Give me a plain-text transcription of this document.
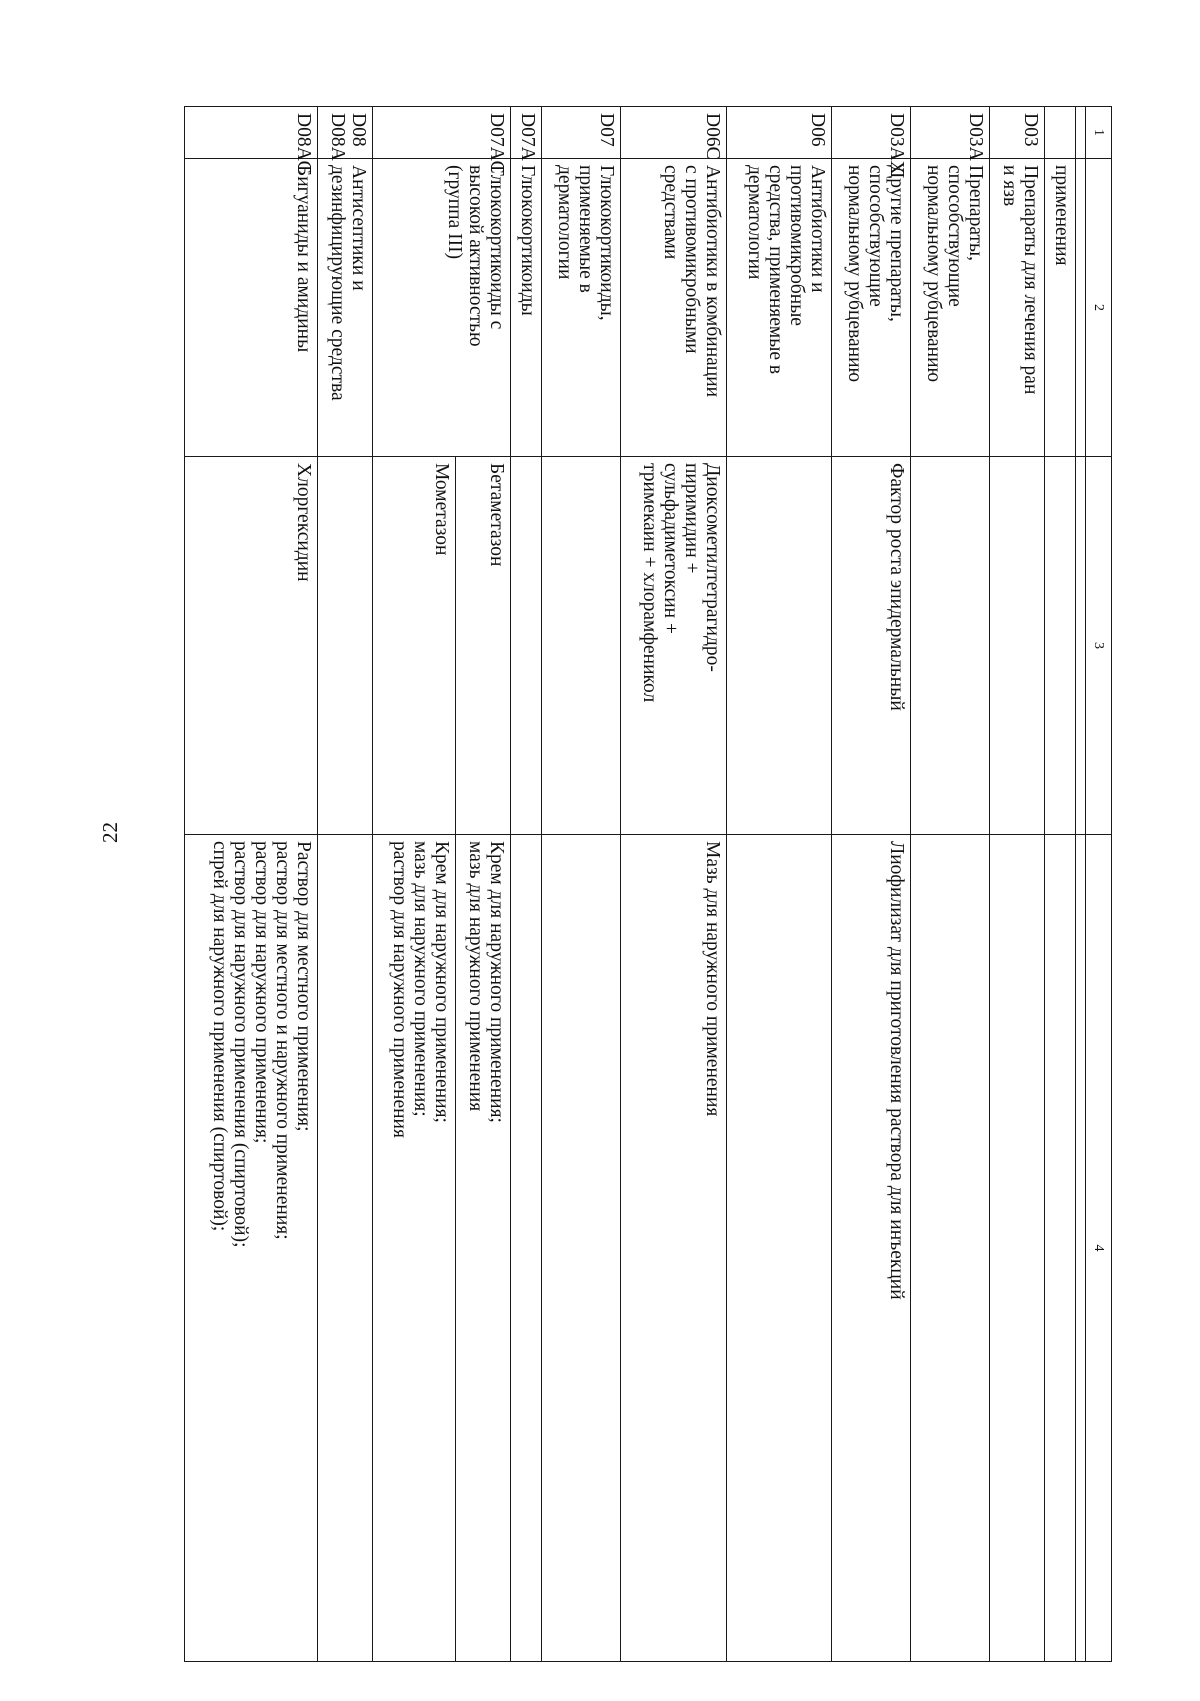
22
1	2	3	4

	применения		

D03	Препараты для лечения ран
и язв		

D03A	Препараты,
способствующие
нормальному рубцеванию		

D03AX	Другие препараты,
способствующие
нормальному рубцеванию	Фактор роста эпидермальный	Лиофилизат для приготовления раствора для инъекций

D06	Антибиотики и
противомикробные
средства, применяемые в
дерматологии		

D06C	Антибиотики в комбинации
с противомикробными
средствами	Диоксометилтетрагидро-
пиримидин +
сульфадиметоксин +
тримекаин + хлорамфеникол	Мазь для наружного применения

D07	Глюкокортикоиды,
применяемые в
дерматологии		

D07A	Глюкокортикоиды		

D07AC	Глюкокортикоиды с
высокой активностью
(группа III)	Бетаметазон	Крем для наружного применения;
мазь для наружного применения

		Мометазон	Крем для наружного применения;
мазь для наружного применения;
раствор для наружного применения

D08
D08A	Антисептики и
дезинфицирующие средства		

D08AC	Бигуаниды и амидины	Хлоргексидин	Раствор для местного применения;
раствор для местного и наружного применения;
раствор для наружного применения;
раствор для наружного применения (спиртовой);
спрей для наружного применения (спиртовой);
